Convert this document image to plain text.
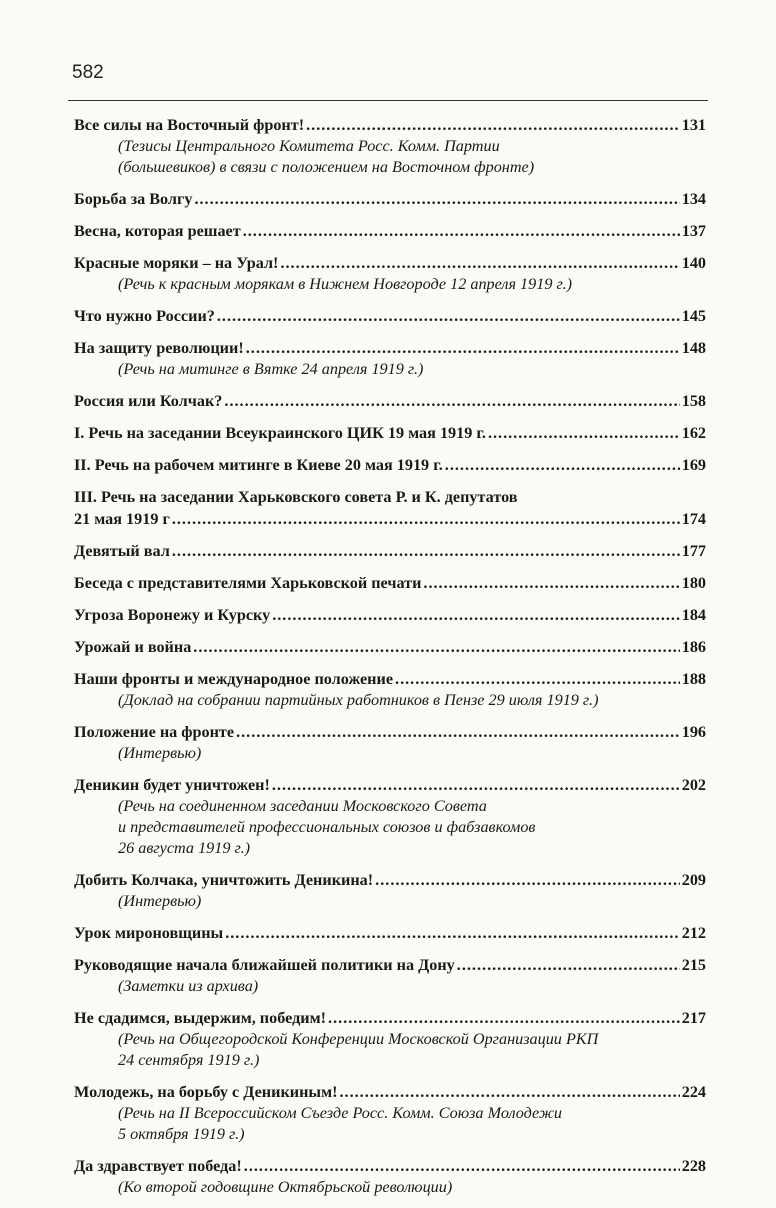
582
Все силы на Восточный фронт! .....	131
(Тезисы Центрального Комитета Росс. Комм. Партии
(большевиков) в связи с положением на Восточном фронте)
Борьба за Волгу .....	134
Весна, которая решает .....	137
Красные моряки – на Урал! .....	140
(Речь к красным морякам в Нижнем Новгороде 12 апреля 1919 г.)
Что нужно России? .....	145
На защиту революции! .....	148
(Речь на митинге в Вятке 24 апреля 1919 г.)
Россия или Колчак? .....	158
I. Речь на заседании Всеукраинского ЦИК 19 мая 1919 г. .....	162
II. Речь на рабочем митинге в Киеве 20 мая 1919 г. .....	169
III. Речь на заседании Харьковского совета Р. и К. депутатов
21 мая 1919 г .....	174
Девятый вал .....	177
Беседа с представителями Харьковской печати .....	180
Угроза Воронежу и Курску .....	184
Урожай и война .....	186
Наши фронты и международное положение .....	188
(Доклад на собрании партийных работников в Пензе 29 июля 1919 г.)
Положение на фронте .....	196
(Интервью)
Деникин будет уничтожен! .....	202
(Речь на соединенном заседании Московского Совета
и представителей профессиональных союзов и фабзавкомов
26 августа 1919 г.)
Добить Колчака, уничтожить Деникина! .....	209
(Интервью)
Урок мироновщины .....	212
Руководящие начала ближайшей политики на Дону .....	215
(Заметки из архива)
Не сдадимся, выдержим, победим! .....	217
(Речь на Общегородской Конференции Московской Организации РКП
24 сентября 1919 г.)
Молодежь, на борьбу с Деникиным! .....	224
(Речь на II Всероссийском Съезде Росс. Комм. Союза Молодежи
5 октября 1919 г.)
Да здравствует победа! .....	228
(Ко второй годовщине Октябрьской революции)
